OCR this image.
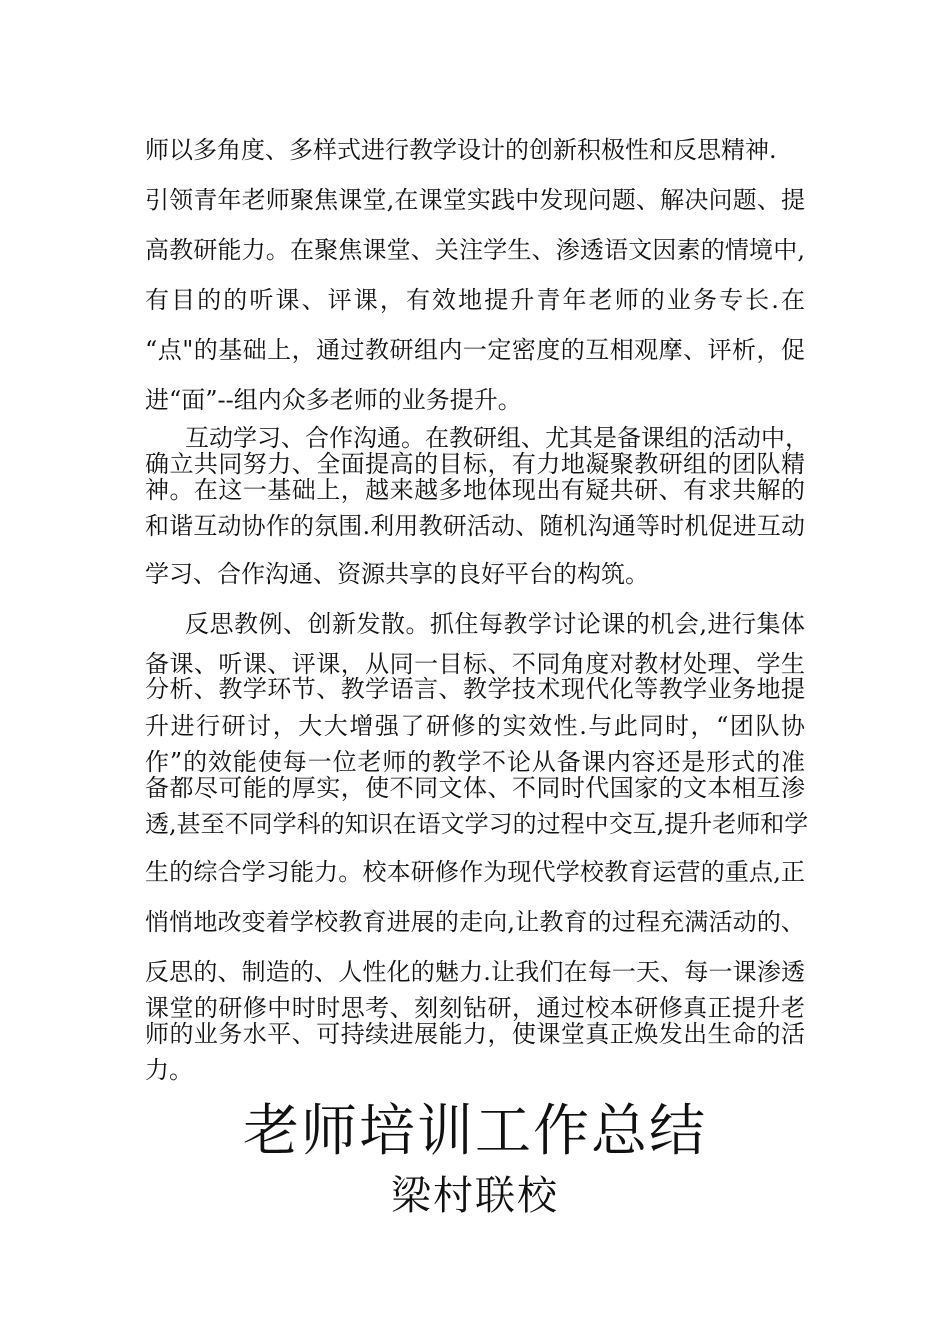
师以多角度、多样式进行教学设计的创新积极性和反思精神.
引领青年老师聚焦课堂,在课堂实践中发现问题、解决问题、提
高教研能力。在聚焦课堂、关注学生、渗透语文因素的情境中,
有目的的听课、评课，有效地提升青年老师的业务专长.在
“点"的基础上，通过教研组内一定密度的互相观摩、评析，促
进“面”--组内众多老师的业务提升。
互动学习、合作沟通。在教研组、尤其是备课组的活动中，
确立共同努力、全面提高的目标，有力地凝聚教研组的团队精
神。在这一基础上，越来越多地体现出有疑共研、有求共解的
和谐互动协作的氛围.利用教研活动、随机沟通等时机促进互动
学习、合作沟通、资源共享的良好平台的构筑。
反思教例、创新发散。抓住每教学讨论课的机会,进行集体
备课、听课、评课，从同一目标、不同角度对教材处理、学生
分析、教学环节、教学语言、教学技术现代化等教学业务地提
升进行研讨，大大增强了研修的实效性.与此同时，“团队协
作”的效能使每一位老师的教学不论从备课内容还是形式的准
备都尽可能的厚实，使不同文体、不同时代国家的文本相互渗
透,甚至不同学科的知识在语文学习的过程中交互,提升老师和学
生的综合学习能力。校本研修作为现代学校教育运营的重点,正
悄悄地改变着学校教育进展的走向,让教育的过程充满活动的、
反思的、制造的、人性化的魅力.让我们在每一天、每一课渗透
课堂的研修中时时思考、刻刻钻研，通过校本研修真正提升老
师的业务水平、可持续进展能力，使课堂真正焕发出生命的活
力。
老师培训工作总结
梁村联校
